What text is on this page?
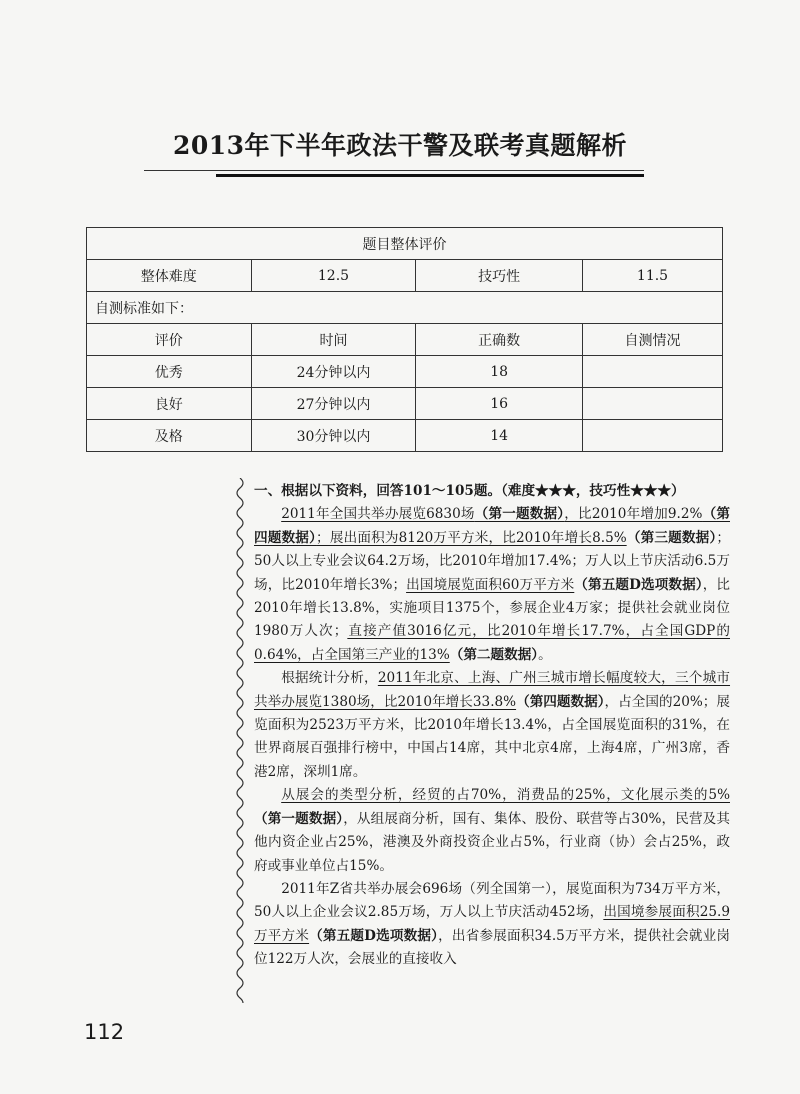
2013年下半年政法干警及联考真题解析
题目整体评价			
整体难度	12.5	技巧性	11.5
自测标准如下：			
评价	时间	正确数	自测情况
优秀	24分钟以内	18	
良好	27分钟以内	16	
及格	30分钟以内	14	

一、根据以下资料，回答101～105题。（难度★★★，技巧性★★★）

2011年全国共举办展览6830场（第一题数据），比2010年增加9.2%（第四题数据）；展出面积为8120万平方米，比2010年增长8.5%（第三题数据）；50人以上专业会议64.2万场，比2010年增加17.4%；万人以上节庆活动6.5万场，比2010年增长3%；出国境展览面积60万平方米（第五题D选项数据），比2010年增长13.8%，实施项目1375个，参展企业4万家；提供社会就业岗位1980万人次；直接产值3016亿元，比2010年增长17.7%，占全国GDP的0.64%，占全国第三产业的13%（第二题数据）。

根据统计分析，2011年北京、上海、广州三城市增长幅度较大，三个城市共举办展览1380场，比2010年增长33.8%（第四题数据），占全国的20%；展览面积为2523万平方米，比2010年增长13.4%，占全国展览面积的31%，在世界商展百强排行榜中，中国占14席，其中北京4席，上海4席，广州3席，香港2席，深圳1席。

从展会的类型分析，经贸的占70%，消费品的25%，文化展示类的5%（第一题数据），从组展商分析，国有、集体、股份、联营等占30%，民营及其他内资企业占25%，港澳及外商投资企业占5%，行业商（协）会占25%，政府或事业单位占15%。

2011年Z省共举办展会696场（列全国第一），展览面积为734万平方米，50人以上企业会议2.85万场，万人以上节庆活动452场，出国境参展面积25.9万平方米（第五题D选项数据），出省参展面积34.5万平方米，提供社会就业岗位122万人次，会展业的直接收入

112
